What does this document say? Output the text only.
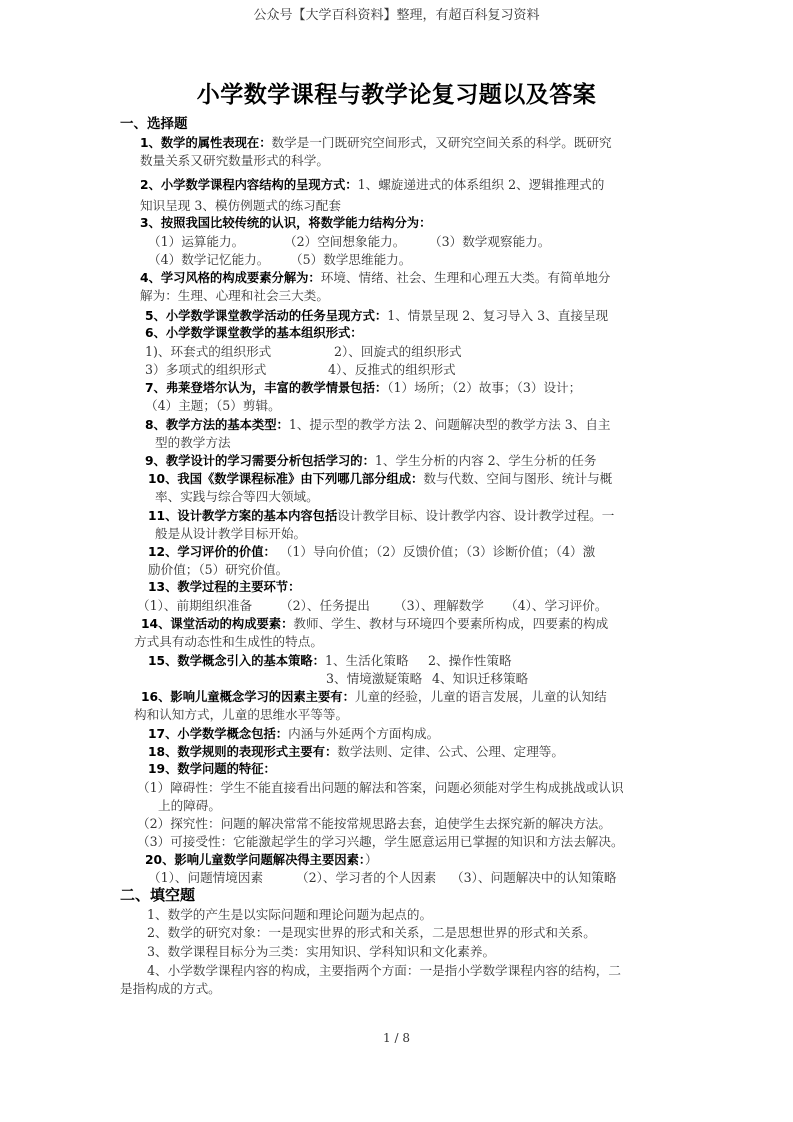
公众号【大学百科资料】整理，有超百科复习资料
小学数学课程与教学论复习题以及答案
一、选择题
1、数学的属性表现在：数学是一门既研究空间形式，又研究空间关系的科学。既研究
数量关系又研究数量形式的科学。
2、小学数学课程内容结构的呈现方式：1、螺旋递进式的体系组织 2、逻辑推理式的
知识呈现 3、模仿例题式的练习配套
3、按照我国比较传统的认识，将数学能力结构分为：
（1）运算能力。	（2）空间想象能力。 （3）数学观察能力。
（4）数学记忆能力。 （5）数学思维能力。
4、学习风格的构成要素分解为：环境、情绪、社会、生理和心理五大类。有简单地分
解为：生理、心理和社会三大类。
5、小学数学课堂教学活动的任务呈现方式：1、情景呈现 2、复习导入 3、直接呈现
6、小学数学课堂教学的基本组织形式：
1)、环套式的组织形式	2）、回旋式的组织形式
3）多项式的组织形式	4）、反推式的组织形式
7、弗莱登塔尔认为，丰富的教学情景包括：（1）场所；（2）故事；（3）设计；
（4）主题；（5）剪辑。
8、教学方法的基本类型：1、提示型的教学方法 2、问题解决型的教学方法 3、自主
型的教学方法
9、教学设计的学习需要分析包括学习的：1、学生分析的内容 2、学生分析的任务
10、我国《数学课程标准》由下列哪几部分组成：数与代数、空间与图形、统计与概
率、实践与综合等四大领域。
11、设计教学方案的基本内容包括设计教学目标、设计教学内容、设计教学过程。一
般是从设计教学目标开始。
12、学习评价的价值： （1）导向价值；（2）反馈价值；（3）诊断价值；（4）激
励价值；（5）研究价值。
13、教学过程的主要环节：
（1）、前期组织准备 （2）、任务提出 （3）、理解数学 （4）、学习评价。
14、课堂活动的构成要素：教师、学生、教材与环境四个要素所构成，四要素的构成
方式具有动态性和生成性的特点。
15、数学概念引入的基本策略：1、生活化策略 2、操作性策略
3、情境激疑策略 4、知识迁移策略
16、影响儿童概念学习的因素主要有：儿童的经验，儿童的语言发展，儿童的认知结
构和认知方式，儿童的思维水平等等。
17、小学数学概念包括：内涵与外延两个方面构成。
18、数学规则的表现形式主要有：数学法则、定律、公式、公理、定理等。
19、数学问题的特征：
（1）障碍性：学生不能直接看出问题的解法和答案，问题必须能对学生构成挑战或认识
上的障碍。
（2）探究性：问题的解决常常不能按常规思路去套，迫使学生去探究新的解决方法。
（3）可接受性：它能激起学生的学习兴趣，学生愿意运用已掌握的知识和方法去解决。
20、影响儿童数学问题解决得主要因素：）
（1）、问题情境因素	（2）、学习者的个人因素 （3）、问题解决中的认知策略
二、填空题
1、数学的产生是以实际问题和理论问题为起点的。
2、数学的研究对象：一是现实世界的形式和关系，二是思想世界的形式和关系。
3、数学课程目标分为三类：实用知识、学科知识和文化素养。
4、小学数学课程内容的构成，主要指两个方面：一是指小学数学课程内容的结构，二
是指构成的方式。
1 / 8
